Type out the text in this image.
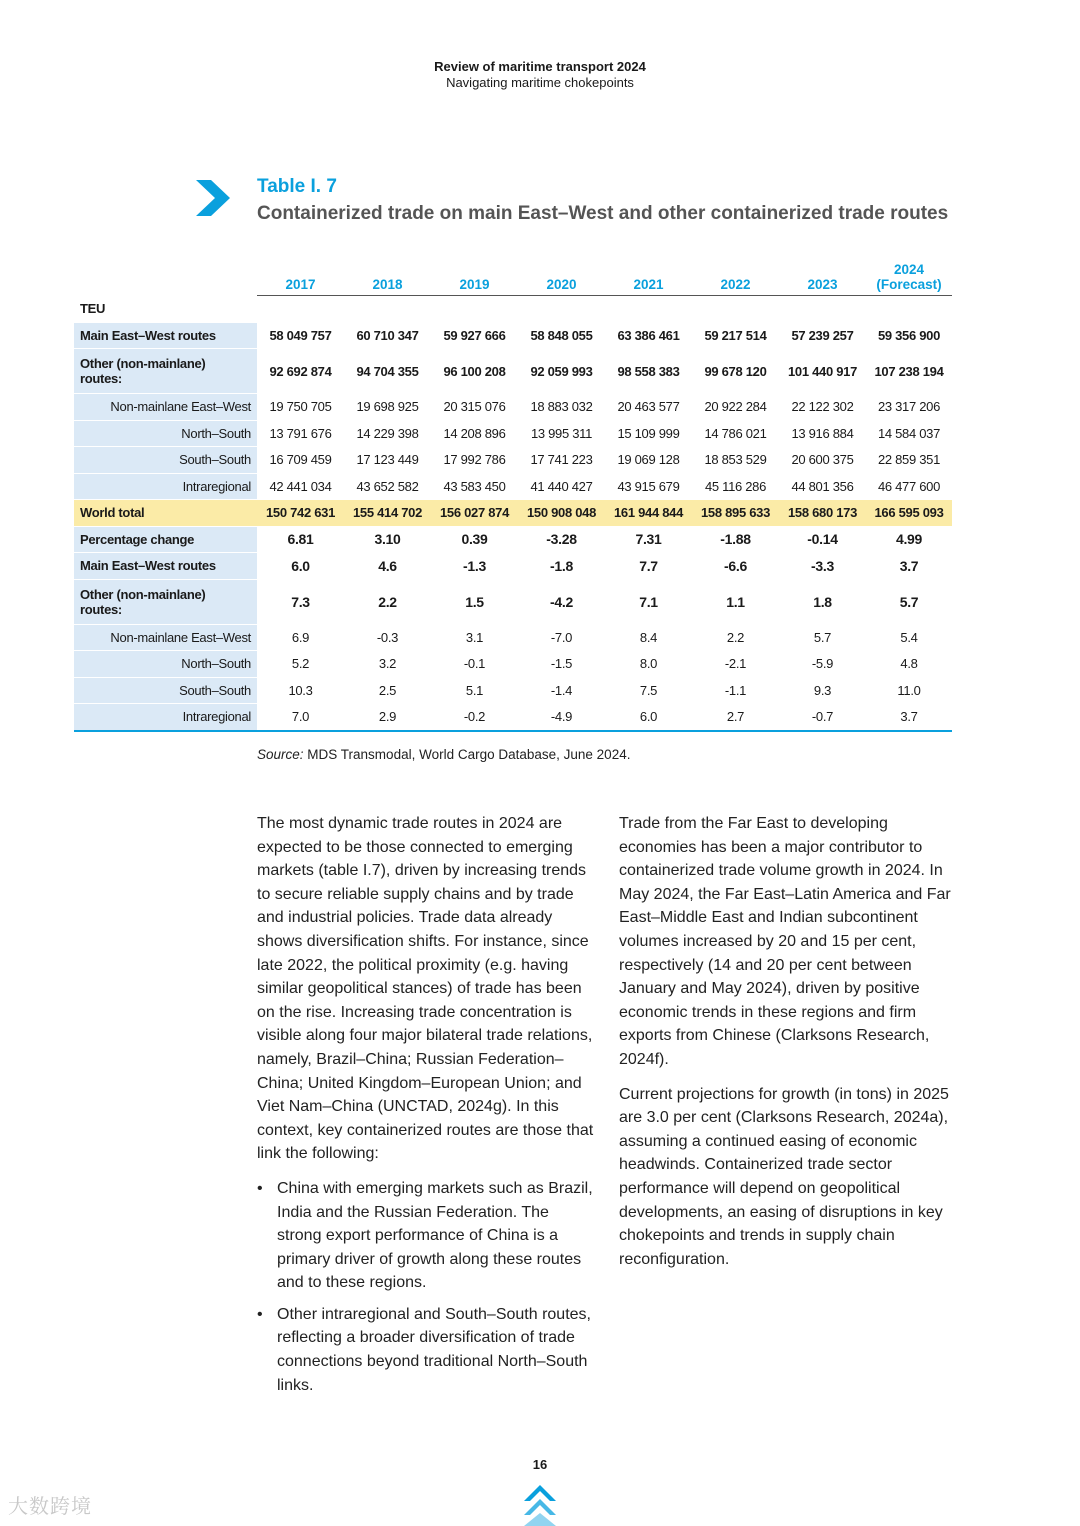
Review of maritime transport 2024
Navigating maritime chokepoints
Table I. 7
Containerized trade on main East–West and other containerized trade routes
	2017	2018	2019	2020	2021	2022	2023	2024
(Forecast)
TEU								
Main East–West routes	58 049 757	60 710 347	59 927 666	58 848 055	63 386 461	59 217 514	57 239 257	59 356 900
Other (non-mainlane)
routes:	92 692 874	94 704 355	96 100 208	92 059 993	98 558 383	99 678 120	101 440 917	107 238 194
Non-mainlane East–West	19 750 705	19 698 925	20 315 076	18 883 032	20 463 577	20 922 284	22 122 302	23 317 206
North–South	13 791 676	14 229 398	14 208 896	13 995 311	15 109 999	14 786 021	13 916 884	14 584 037
South–South	16 709 459	17 123 449	17 992 786	17 741 223	19 069 128	18 853 529	20 600 375	22 859 351
Intraregional	42 441 034	43 652 582	43 583 450	41 440 427	43 915 679	45 116 286	44 801 356	46 477 600
World total	150 742 631	155 414 702	156 027 874	150 908 048	161 944 844	158 895 633	158 680 173	166 595 093
Percentage change	6.81	3.10	0.39	-3.28	7.31	-1.88	-0.14	4.99
Main East–West routes	6.0	4.6	-1.3	-1.8	7.7	-6.6	-3.3	3.7
Other (non-mainlane)
routes:	7.3	2.2	1.5	-4.2	7.1	1.1	1.8	5.7
Non-mainlane East–West	6.9	-0.3	3.1	-7.0	8.4	2.2	5.7	5.4
North–South	5.2	3.2	-0.1	-1.5	8.0	-2.1	-5.9	4.8
South–South	10.3	2.5	5.1	-1.4	7.5	-1.1	9.3	11.0
Intraregional	7.0	2.9	-0.2	-4.9	6.0	2.7	-0.7	3.7
Source: MDS Transmodal, World Cargo Database, June 2024.

The most dynamic trade routes in 2024 are expected to be those connected to emerging markets (table I.7), driven by increasing trends to secure reliable supply chains and by trade and industrial policies. Trade data already shows diversification shifts. For instance, since late 2022, the political proximity (e.g. having similar geopolitical stances) of trade has been on the rise. Increasing trade concentration is visible along four major bilateral trade relations, namely, Brazil–China; Russian Federation–China; United Kingdom–European Union; and Viet Nam–China (UNCTAD, 2024g). In this context, key containerized routes are those that link the following:

• China with emerging markets such as Brazil, India and the Russian Federation. The strong export performance of China is a primary driver of growth along these routes and to these regions.
• Other intraregional and South–South routes, reflecting a broader diversification of trade connections beyond traditional North–South links.

Trade from the Far East to developing economies has been a major contributor to containerized trade volume growth in 2024. In May 2024, the Far East–Latin America and Far East–Middle East and Indian subcontinent volumes increased by 20 and 15 per cent, respectively (14 and 20 per cent between January and May 2024), driven by positive economic trends in these regions and firm exports from Chinese (Clarksons Research, 2024f).

Current projections for growth (in tons) in 2025 are 3.0 per cent (Clarksons Research, 2024a), assuming a continued easing of economic headwinds. Containerized trade sector performance will depend on geopolitical developments, an easing of disruptions in key chokepoints and trends in supply chain reconfiguration.

16
大数跨境
